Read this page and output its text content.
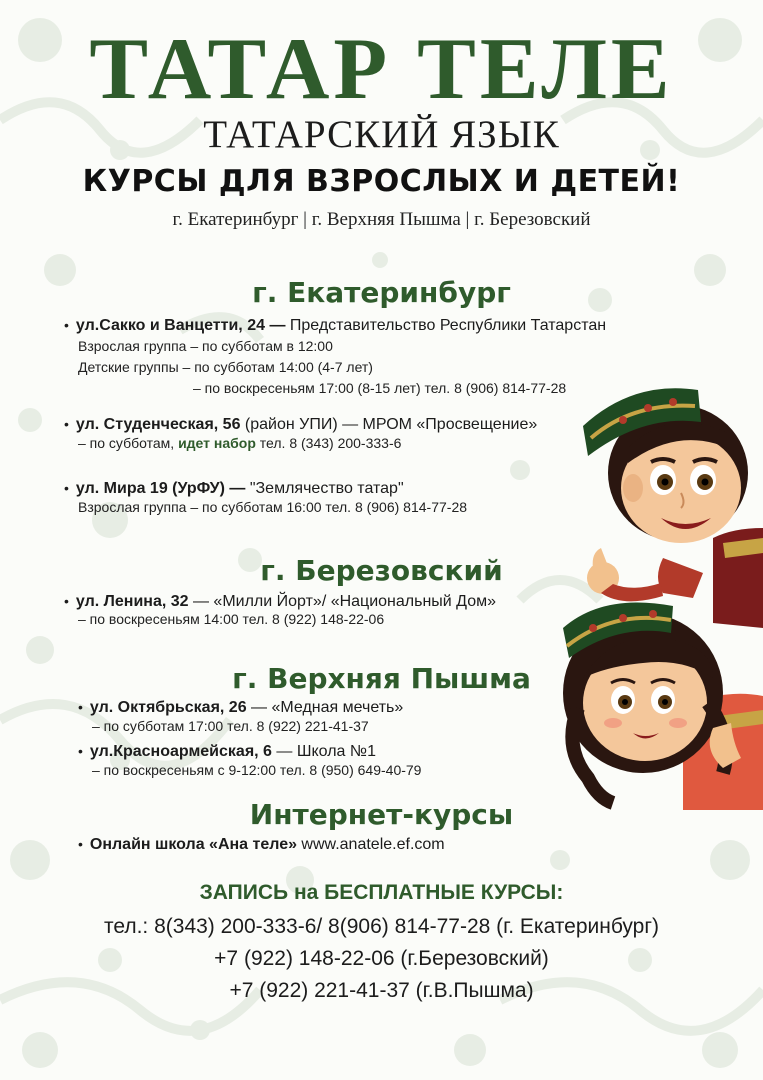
ТАТАР ТЕЛЕ
ТАТАРСКИЙ ЯЗЫК
КУРСЫ ДЛЯ ВЗРОСЛЫХ И ДЕТЕЙ!
г. Екатеринбург | г. Верхняя Пышма | г. Березовский
г. Екатеринбург
• ул.Сакко и Ванцетти, 24 — Представительство Республики Татарстан
Взрослая группа – по субботам в 12:00
Детские группы – по субботам 14:00 (4-7 лет)
– по воскресеньям 17:00 (8-15 лет) тел. 8 (906) 814-77-28
• ул. Студенческая, 56 (район УПИ) — МРОМ «Просвещение»
– по субботам, идет набор тел. 8 (343) 200-333-6
• ул. Мира 19 (УрФУ) — "Землячество татар"
Взрослая группа – по субботам 16:00 тел. 8 (906) 814-77-28
г. Березовский
• ул. Ленина, 32 — «Милли Йорт»/ «Национальный Дом»
– по воскресеньям 14:00 тел. 8 (922) 148-22-06
г. Верхняя Пышма
• ул. Октябрьская, 26 — «Медная мечеть»
– по субботам 17:00 тел. 8 (922) 221-41-37
• ул.Красноармейская, 6 — Школа №1
– по воскресеньям с 9-12:00 тел. 8 (950) 649-40-79
Интернет-курсы
• Онлайн школа «Ана теле» www.anatele.ef.com
ЗАПИСЬ на БЕСПЛАТНЫЕ КУРСЫ:
тел.: 8(343) 200-333-6/ 8(906) 814-77-28 (г. Екатеринбург)
+7 (922) 148-22-06 (г.Березовский)
+7 (922) 221-41-37 (г.В.Пышма)
